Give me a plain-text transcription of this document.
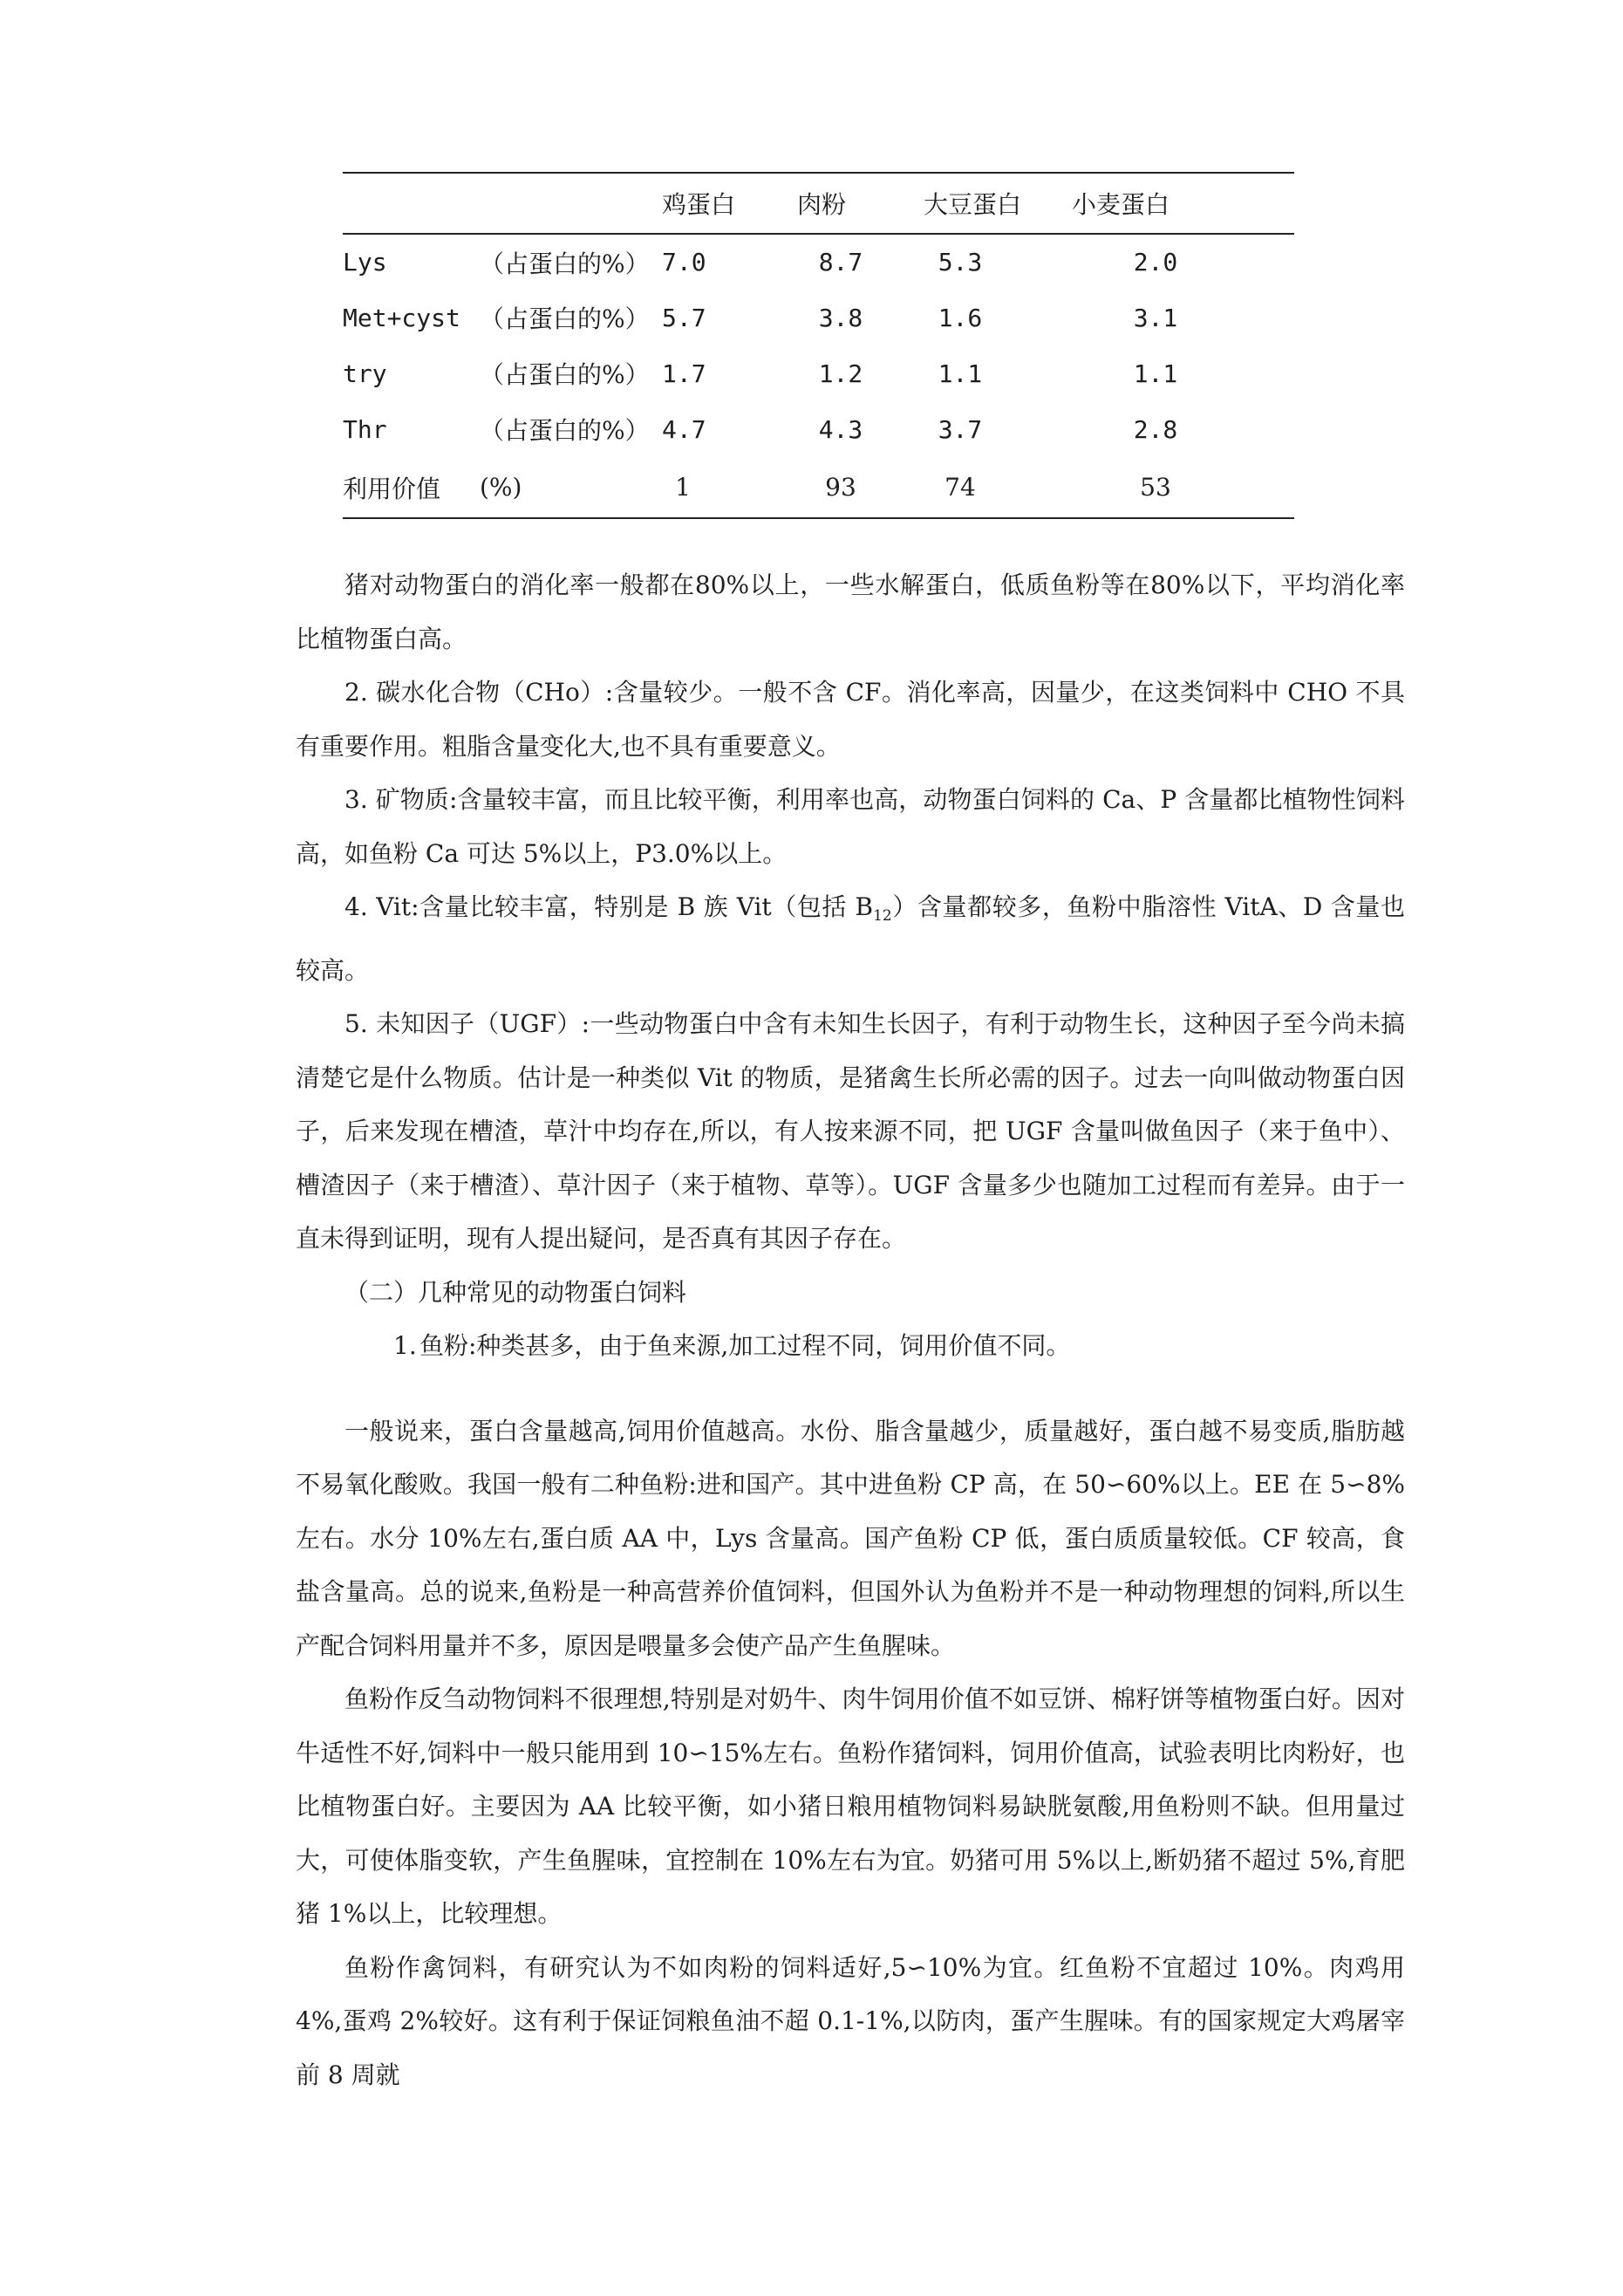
		鸡蛋白	肉粉	大豆蛋白	小麦蛋白
Lys	（占蛋白的%）	7.0	8.7	5.3	2.0
Met+cyst	（占蛋白的%）	5.7	3.8	1.6	3.1
try	（占蛋白的%）	1.7	1.2	1.1	1.1
Thr	（占蛋白的%）	4.7	4.3	3.7	2.8
利用价值	(%)	1	93	74	53

猪对动物蛋白的消化率一般都在80%以上，一些水解蛋白，低质鱼粉等在80%以下，平均消化率比植物蛋白高。

2. 碳水化合物（CHo）:含量较少。一般不含 CF。消化率高，因量少，在这类饲料中 CHO 不具有重要作用。粗脂含量变化大,也不具有重要意义。

3. 矿物质:含量较丰富，而且比较平衡，利用率也高，动物蛋白饲料的 Ca、P 含量都比植物性饲料高，如鱼粉 Ca 可达 5%以上，P3.0%以上。

4. Vit:含量比较丰富，特别是 B 族 Vit（包括 $B_{12}$）含量都较多，鱼粉中脂溶性 VitA、D 含量也较高。

5. 未知因子（UGF）:一些动物蛋白中含有未知生长因子，有利于动物生长，这种因子至今尚未搞清楚它是什么物质。估计是一种类似 Vit 的物质，是猪禽生长所必需的因子。过去一向叫做动物蛋白因子，后来发现在槽渣，草汁中均存在,所以，有人按来源不同，把 UGF 含量叫做鱼因子（来于鱼中）、槽渣因子（来于槽渣）、草汁因子（来于植物、草等）。UGF 含量多少也随加工过程而有差异。由于一直未得到证明，现有人提出疑问，是否真有其因子存在。

（二）几种常见的动物蛋白饲料

1. 鱼粉:种类甚多，由于鱼来源,加工过程不同，饲用价值不同。

一般说来，蛋白含量越高,饲用价值越高。水份、脂含量越少，质量越好，蛋白越不易变质,脂肪越不易氧化酸败。我国一般有二种鱼粉:进和国产。其中进鱼粉 CP 高，在 50∽60%以上。EE 在 5∽8%左右。水分 10%左右,蛋白质 AA 中，Lys 含量高。国产鱼粉 CP 低，蛋白质质量较低。CF 较高，食盐含量高。总的说来,鱼粉是一种高营养价值饲料，但国外认为鱼粉并不是一种动物理想的饲料,所以生产配合饲料用量并不多，原因是喂量多会使产品产生鱼腥味。

鱼粉作反刍动物饲料不很理想,特别是对奶牛、肉牛饲用价值不如豆饼、棉籽饼等植物蛋白好。因对牛适性不好,饲料中一般只能用到 10∽15%左右。鱼粉作猪饲料，饲用价值高，试验表明比肉粉好，也比植物蛋白好。主要因为 AA 比较平衡，如小猪日粮用植物饲料易缺胱氨酸,用鱼粉则不缺。但用量过大，可使体脂变软，产生鱼腥味，宜控制在 10%左右为宜。奶猪可用 5%以上,断奶猪不超过 5%,育肥猪 1%以上，比较理想。

鱼粉作禽饲料，有研究认为不如肉粉的饲料适好,5∽10%为宜。红鱼粉不宜超过 10%。肉鸡用 4%,蛋鸡 2%较好。这有利于保证饲粮鱼油不超 0.1-1%,以防肉，蛋产生腥味。有的国家规定大鸡屠宰前 8 周就
